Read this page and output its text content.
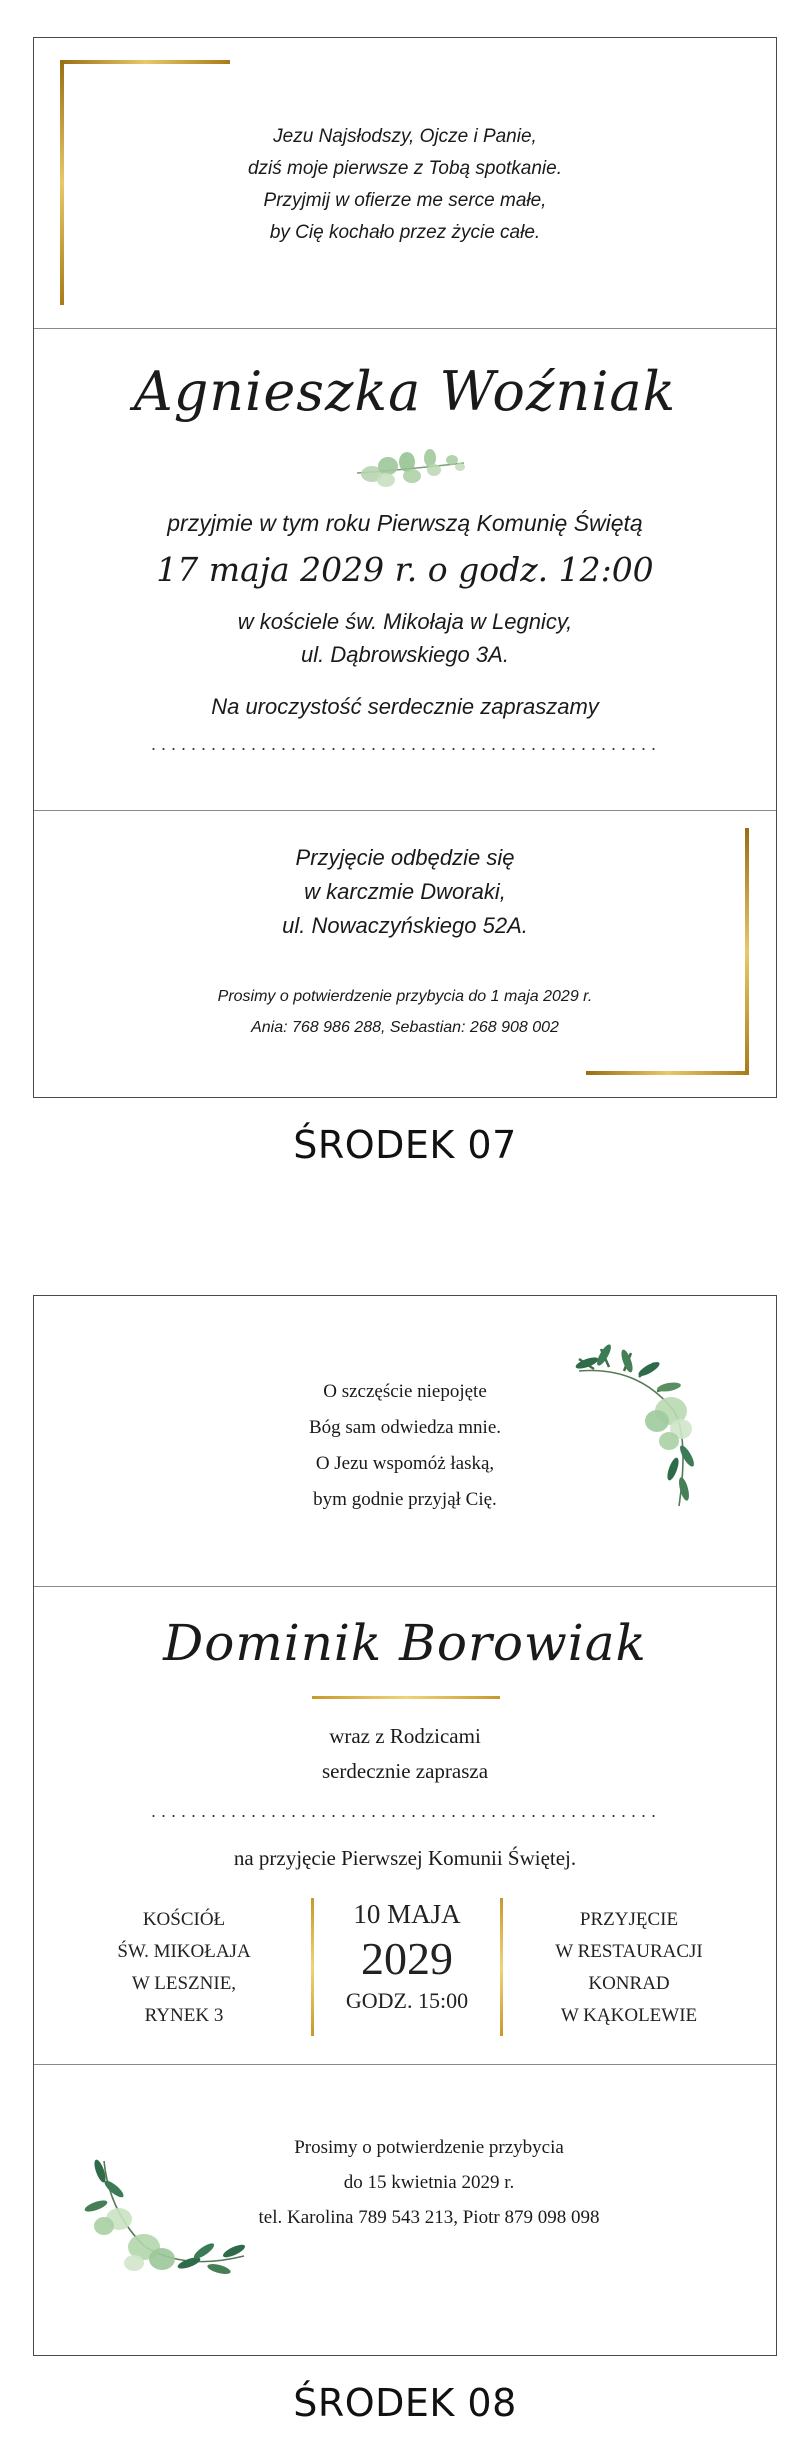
Jezu Najsłodszy, Ojcze i Panie,
dziś moje pierwsze z Tobą spotkanie.
Przyjmij w ofierze me serce małe,
by Cię kochało przez życie całe.
Agnieszka Woźniak
przyjmie w tym roku Pierwszą Komunię Świętą
17 maja 2029 r. o godz. 12:00
w kościele św. Mikołaja w Legnicy,
ul. Dąbrowskiego 3A.
Na uroczystość serdecznie zapraszamy
...................................................
Przyjęcie odbędzie się
w karczmie Dworaki,
ul. Nowaczyńskiego 52A.
Prosimy o potwierdzenie przybycia do 1 maja 2029 r.
Ania: 768 986 288, Sebastian: 268 908 002
ŚRODEK 07
O szczęście niepojęte
Bóg sam odwiedza mnie.
O Jezu wspomóż łaską,
bym godnie przyjął Cię.
Dominik Borowiak
wraz z Rodzicami
serdecznie zaprasza
...................................................
na przyjęcie Pierwszej Komunii Świętej.
KOŚCIÓŁ
ŚW. MIKOŁAJA
W LESZNIE,
RYNEK 3
10 MAJA
2029
GODZ. 15:00
PRZYJĘCIE
W RESTAURACJI
KONRAD
W KĄKOLEWIE
Prosimy o potwierdzenie przybycia
do 15 kwietnia 2029 r.
tel. Karolina 789 543 213, Piotr 879 098 098
ŚRODEK 08
